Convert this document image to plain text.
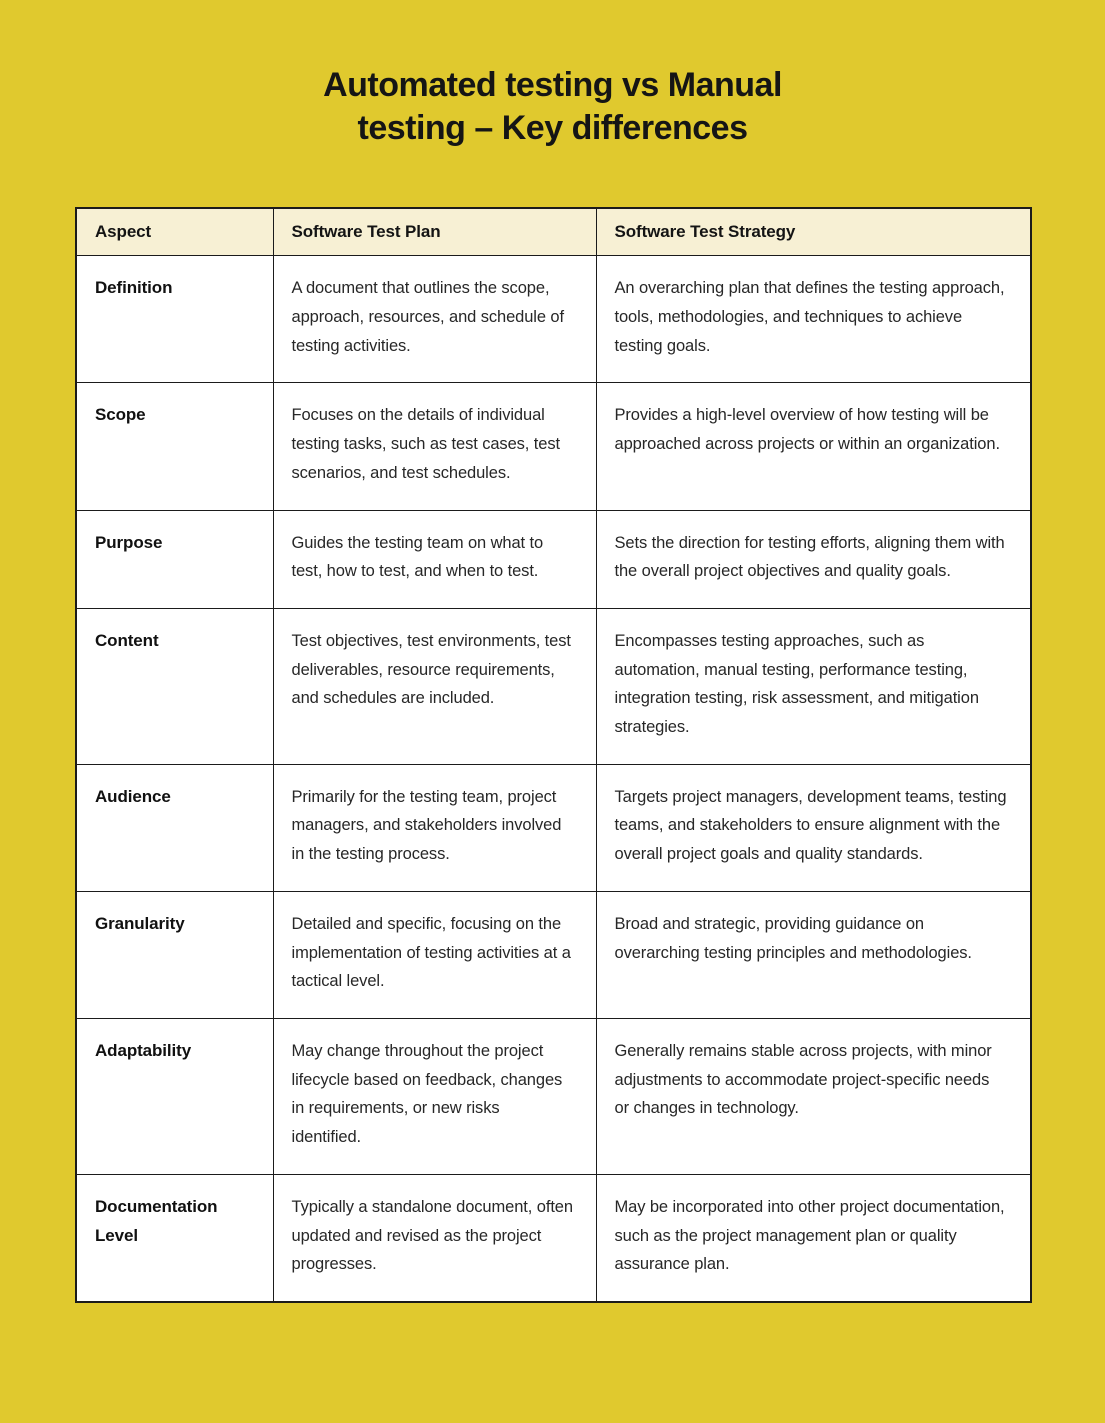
Automated testing vs Manual
testing – Key differences
Aspect	Software Test Plan	Software Test Strategy
Definition	A document that outlines the scope, approach, resources, and schedule of testing activities.	An overarching plan that defines the testing approach, tools, methodologies, and techniques to achieve testing goals.
Scope	Focuses on the details of individual testing tasks, such as test cases, test scenarios, and test schedules.	Provides a high-level overview of how testing will be approached across projects or within an organization.
Purpose	Guides the testing team on what to test, how to test, and when to test.	Sets the direction for testing efforts, aligning them with the overall project objectives and quality goals.
Content	Test objectives, test environments, test deliverables, resource requirements, and schedules are included.	Encompasses testing approaches, such as automation, manual testing, performance testing, integration testing, risk assessment, and mitigation strategies.
Audience	Primarily for the testing team, project managers, and stakeholders involved in the testing process.	Targets project managers, development teams, testing teams, and stakeholders to ensure alignment with the overall project goals and quality standards.
Granularity	Detailed and specific, focusing on the implementation of testing activities at a tactical level.	Broad and strategic, providing guidance on overarching testing principles and methodologies.
Adaptability	May change throughout the project lifecycle based on feedback, changes in requirements, or new risks identified.	Generally remains stable across projects, with minor adjustments to accommodate project-specific needs or changes in technology.
Documentation Level	Typically a standalone document, often updated and revised as the project progresses.	May be incorporated into other project documentation, such as the project management plan or quality assurance plan.
